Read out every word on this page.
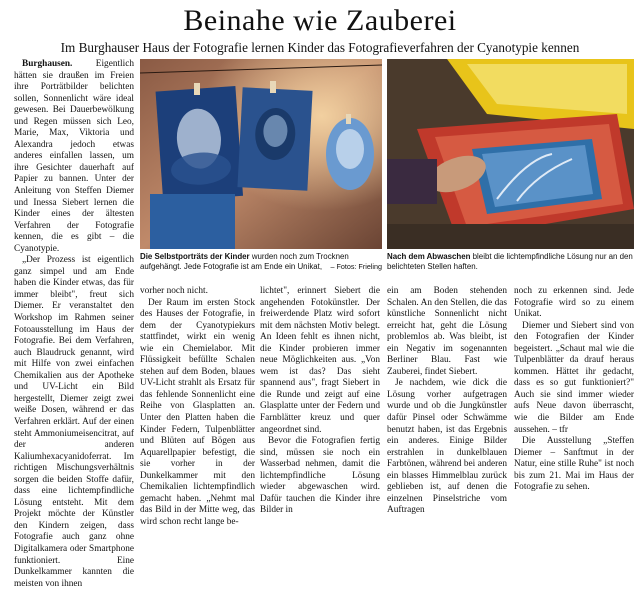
Beinahe wie Zauberei
Im Burghauser Haus der Fotografie lernen Kinder das Fotografieverfahren der Cyanotypie kennen
Die Selbstporträts der Kinder wurden noch zum Trocknen aufgehängt. Jede Fotografie ist am Ende ein Unikat, – Fotos: Frieling
Nach dem Abwaschen bleibt die lichtempfindliche Lösung nur an den belichteten Stellen haften.

Burghausen. Eigentlich hätten sie draußen im Freien ihre Porträtbilder belichten sollen, Sonnenlicht wäre ideal gewesen. Bei Dauerbewölkung und Regen müssen sich Leo, Marie, Max, Viktoria und Alexandra jedoch etwas anderes einfallen lassen, um ihre Gesichter dauerhaft auf Papier zu bannen. Unter der Anleitung von Steffen Diemer und Inessa Siebert lernen die Kinder eines der ältesten Verfahren der Fotografie kennen, die es gibt – die Cyanotypie.

„Der Prozess ist eigentlich ganz simpel und am Ende haben die Kinder etwas, das für immer bleibt", freut sich Diemer. Er veranstaltet den Workshop im Rahmen seiner Fotoausstellung im Haus der Fotografie. Bei dem Verfahren, auch Blaudruck genannt, wird mit Hilfe von zwei einfachen Chemikalien aus der Apotheke und UV-Licht ein Bild hergestellt, Diemer zeigt zwei weiße Dosen, während er das Verfahren erklärt. Auf der einen steht Ammoniumeisencitrat, auf der anderen Kaliumhexacyanidoferrat. Im richtigen Mischungsverhältnis sorgen die beiden Stoffe dafür, dass eine lichtempfindliche Lösung entsteht. Mit dem Projekt möchte der Künstler den Kindern zeigen, dass Fotografie auch ganz ohne Digitalkamera oder Smartphone funktioniert. Eine Dunkelkammer kannten die meisten von ihnen

vorher noch nicht.

Der Raum im ersten Stock des Hauses der Fotografie, in dem der Cyanotypiekurs stattfindet, wirkt ein wenig wie ein Chemielabor. Mit Flüssigkeit befüllte Schalen stehen auf dem Boden, blaues UV-Licht strahlt als Ersatz für das fehlende Sonnenlicht eine Reihe von Glasplatten an. Unter den Platten haben die Kinder Federn, Tulpenblätter und Blüten auf Bögen aus Aquarellpapier befestigt, die sie vorher in der Dunkelkammer mit den Chemikalien lichtempfindlich gemacht haben. „Nehmt mal das Bild in der Mitte weg, das wird schon recht lange be-

lichtet", erinnert Siebert die angehenden Fotokünstler. Der freiwerdende Platz wird sofort mit dem nächsten Motiv belegt. An Ideen fehlt es ihnen nicht, die Kinder probieren immer neue Möglichkeiten aus. „Von wem ist das? Das sieht spannend aus", fragt Siebert in die Runde und zeigt auf eine Glasplatte unter der Federn und Farnblätter kreuz und quer angeordnet sind.

Bevor die Fotografien fertig sind, müssen sie noch ein Wasserbad nehmen, damit die lichtempfindliche Lösung wieder abgewaschen wird. Dafür tauchen die Kinder ihre Bilder in

ein am Boden stehenden Schalen. An den Stellen, die das künstliche Sonnenlicht nicht erreicht hat, geht die Lösung problemlos ab. Was bleibt, ist ein Negativ im sogenannten Berliner Blau. Fast wie Zauberei, findet Siebert.

Je nachdem, wie dick die Lösung vorher aufgetragen wurde und ob die Jungkünstler dafür Pinsel oder Schwämme benutzt haben, ist das Ergebnis ein anderes. Einige Bilder erstrahlen in dunkelblauen Farbtönen, während bei anderen ein blasses Himmelblau zurück geblieben ist, auf denen die einzelnen Pinselstriche vom Auftragen

noch zu erkennen sind. Jede Fotografie wird so zu einem Unikat.

Diemer und Siebert sind von den Fotografien der Kinder begeistert. „Schaut mal wie die Tulpenblätter da drauf heraus kommen. Hättet ihr gedacht, dass es so gut funktioniert?" Auch sie sind immer wieder aufs Neue davon überrascht, wie die Bilder am Ende aussehen. – tfr

Die Ausstellung „Steffen Diemer – Sanftmut in der Natur, eine stille Ruhe" ist noch bis zum 21. Mai im Haus der Fotografie zu sehen.
